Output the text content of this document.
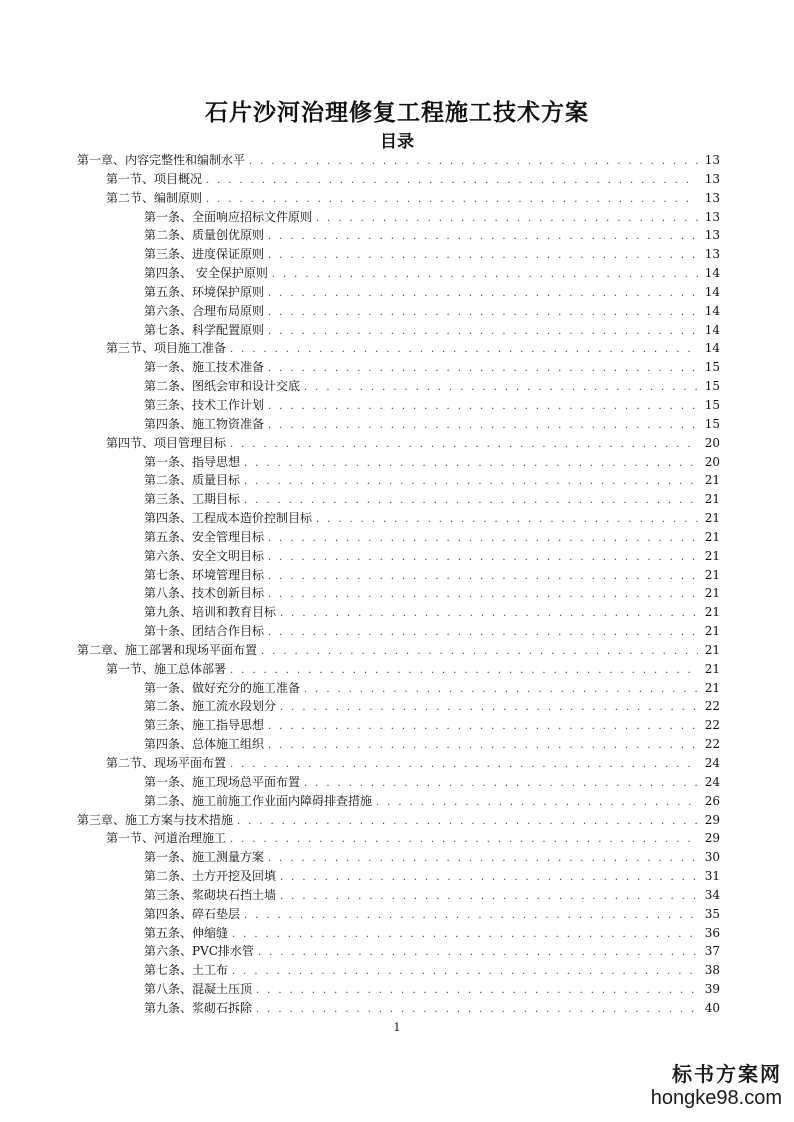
石片沙河治理修复工程施工技术方案
目录
第一章、内容完整性和编制水平 . . .	13
第一节、项目概况 . . .	13
第二节、编制原则 . . .	13
第一条、全面响应招标文件原则 . . .	13
第二条、质量创优原则 . . .	13
第三条、进度保证原则 . . .	13
第四条、 安全保护原则 . . .	14
第五条、环境保护原则 . . .	14
第六条、合理布局原则 . . .	14
第七条、科学配置原则 . . .	14
第三节、项目施工准备 . . .	14
第一条、施工技术准备 . . .	15
第二条、图纸会审和设计交底 . . .	15
第三条、技术工作计划 . . .	15
第四条、施工物资准备 . . .	15
第四节、项目管理目标 . . .	20
第一条、指导思想 . . .	20
第二条、质量目标 . . .	21
第三条、工期目标 . . .	21
第四条、工程成本造价控制目标 . . .	21
第五条、安全管理目标 . . .	21
第六条、安全文明目标 . . .	21
第七条、环境管理目标 . . .	21
第八条、技术创新目标 . . .	21
第九条、培训和教育目标 . . .	21
第十条、团结合作目标 . . .	21
第二章、施工部署和现场平面布置 . . .	21
第一节、施工总体部署 . . .	21
第一条、做好充分的施工准备 . . .	21
第二条、施工流水段划分 . . .	22
第三条、施工指导思想 . . .	22
第四条、总体施工组织 . . .	22
第二节、现场平面布置 . . .	24
第一条、施工现场总平面布置 . . .	24
第二条、施工前施工作业面内障碍排查措施 . . .	26
第三章、施工方案与技术措施 . . .	29
第一节、河道治理施工 . . .	29
第一条、施工测量方案 . . .	30
第二条、土方开挖及回填 . . .	31
第三条、浆砌块石挡土墙 . . .	34
第四条、碎石垫层 . . .	35
第五条、伸缩缝 . . .	36
第六条、PVC排水管 . . .	37
第七条、土工布 . . .	38
第八条、混凝土压顶 . . .	39
第九条、浆砌石拆除 . . .	40
1
标书方案网
hongke98.com
